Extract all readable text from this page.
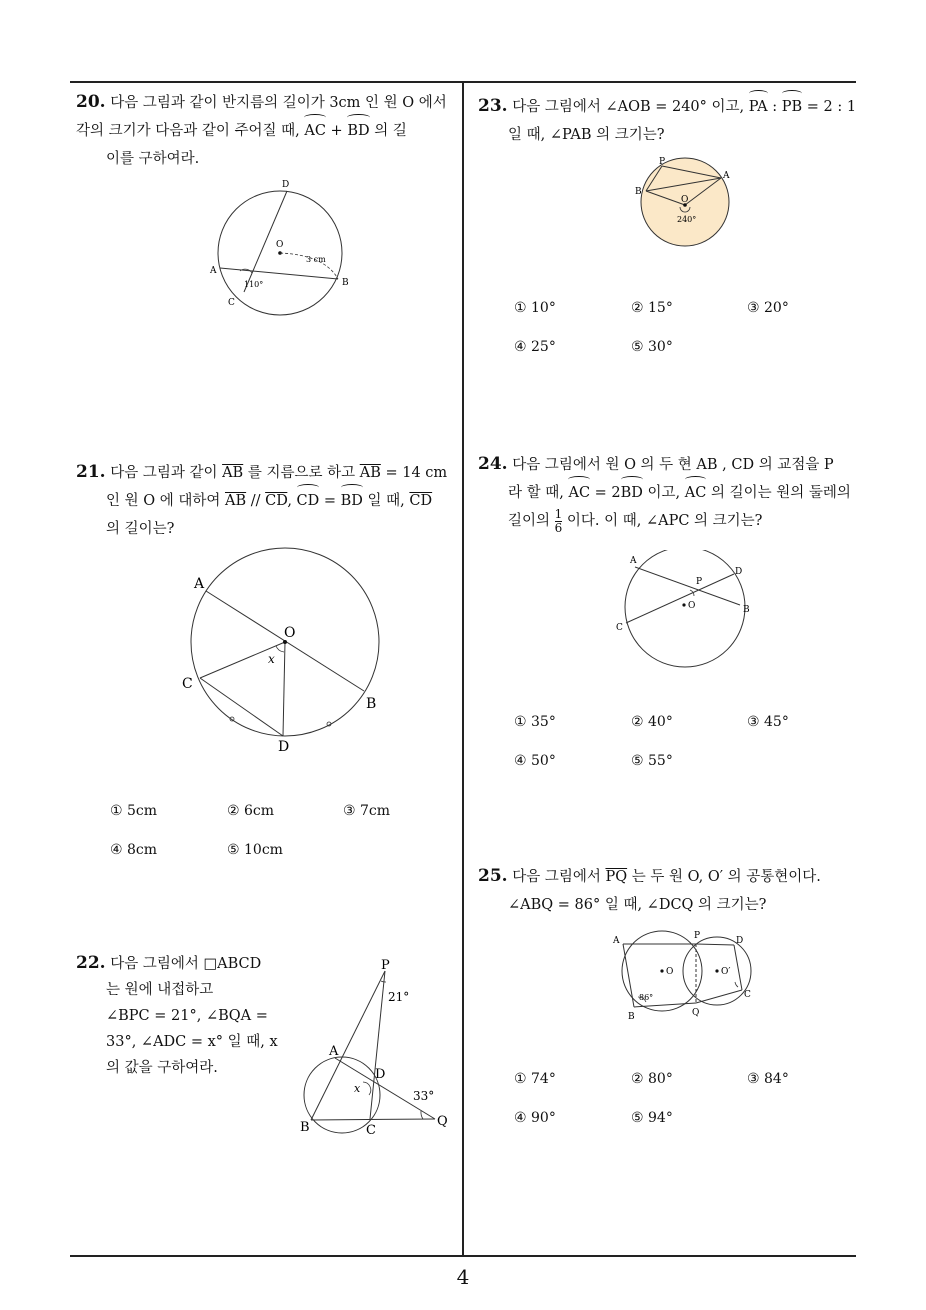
20. 다음 그림과 같이 반지름의 길이가 3cm 인 원 O 에서
각의 크기가 다음과 같이 주어질 때, AC + BD 의 길
이를 구하여라.
D
O
3 cm
A
B
C
110°
21. 다음 그림과 같이 $\overline{AB}$ 를 지름으로 하고 $\overline{AB} = 14$ cm
인 원 O 에 대하여 $\overline{AB} // \overline{CD}$, CD = BD 일 때, $\overline{CD}$
의 길이는?
A
O
C
B
D
x
① 5cm	② 6cm	③ 7cm
④ 8cm	⑤ 10cm
22. 다음 그림에서 □ABCD
는 원에 내접하고
∠BPC = 21°, ∠BQA =
33°, ∠ADC = x° 일 때, x
의 값을 구하여라.
P
21°
A
D
x
33°
B	C
Q
23. 다음 그림에서 ∠AOB = 240° 이고, PA : PB = 2 : 1
일 때, ∠PAB 의 크기는?
P
A
B
O
240°
① 10°	② 15°	③ 20°
④ 25°	⑤ 30°
24. 다음 그림에서 원 O 의 두 현 AB , CD 의 교점을 P
라 할 때, AC = 2BD 이고, AC 의 길이는 원의 둘레의
길이의 $\frac{1}{6}$ 이다. 이 때, ∠APC 의 크기는?
A
D
P
O	B
C
① 35°	② 40°	③ 45°
④ 50°	⑤ 55°
25. 다음 그림에서 $\overline{PQ}$ 는 두 원 O, O′ 의 공통현이다.
∠ABQ = 86° 일 때, ∠DCQ 의 크기는?
A	P	D
O	O′
86°	C
B	Q
① 74°	② 80°	③ 84°
④ 90°	⑤ 94°
4
